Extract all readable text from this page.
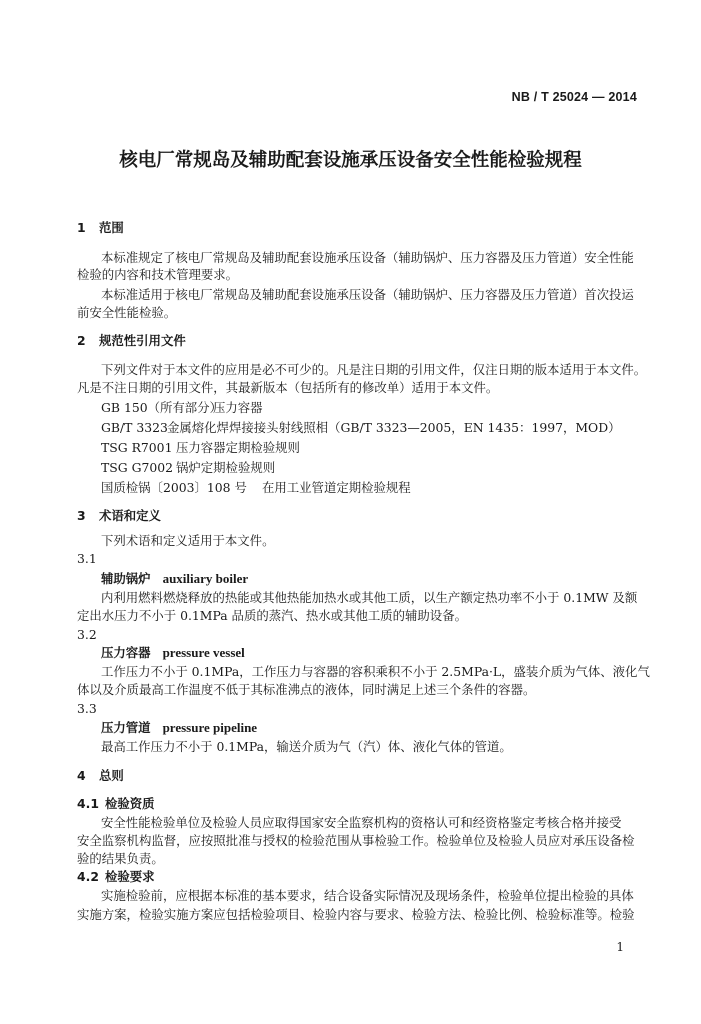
NB / T 25024 — 2014
核电厂常规岛及辅助配套设施承压设备安全性能检验规程
1 范围
本标准规定了核电厂常规岛及辅助配套设施承压设备（辅助锅炉、压力容器及压力管道）安全性能
检验的内容和技术管理要求。
本标准适用于核电厂常规岛及辅助配套设施承压设备（辅助锅炉、压力容器及压力管道）首次投运
前安全性能检验。
2 规范性引用文件
下列文件对于本文件的应用是必不可少的。凡是注日期的引用文件，仅注日期的版本适用于本文件。
凡是不注日期的引用文件，其最新版本（包括所有的修改单）适用于本文件。
GB 150（所有部分）压力容器
GB/T 3323金属熔化焊焊接接头射线照相（GB/T 3323—2005，EN 1435：1997，MOD）
TSG R7001 压力容器定期检验规则
TSG G7002 锅炉定期检验规则
国质检锅〔2003〕108 号 在用工业管道定期检验规程
3 术语和定义
下列术语和定义适用于本文件。
3.1
辅助锅炉 auxiliary boiler
内利用燃料燃烧释放的热能或其他热能加热水或其他工质，以生产额定热功率不小于 0.1MW 及额
定出水压力不小于 0.1MPa 品质的蒸汽、热水或其他工质的辅助设备。
3.2
压力容器 pressure vessel
工作压力不小于 0.1MPa，工作压力与容器的容积乘积不小于 2.5MPa·L，盛装介质为气体、液化气
体以及介质最高工作温度不低于其标准沸点的液体，同时满足上述三个条件的容器。
3.3
压力管道 pressure pipeline
最高工作压力不小于 0.1MPa，输送介质为气（汽）体、液化气体的管道。
4 总则
4.1 检验资质
安全性能检验单位及检验人员应取得国家安全监察机构的资格认可和经资格鉴定考核合格并接受
安全监察机构监督，应按照批准与授权的检验范围从事检验工作。检验单位及检验人员应对承压设备检
验的结果负责。
4.2 检验要求
实施检验前，应根据本标准的基本要求，结合设备实际情况及现场条件，检验单位提出检验的具体
实施方案，检验实施方案应包括检验项目、检验内容与要求、检验方法、检验比例、检验标准等。检验
1
